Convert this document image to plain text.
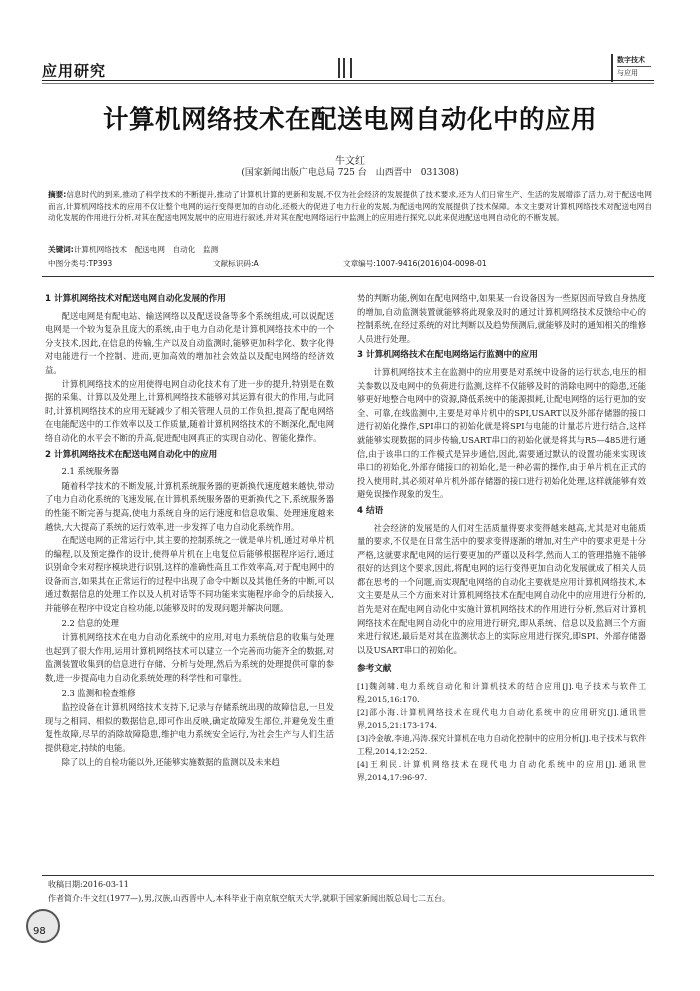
应用研究
数字技术
与应用
计算机网络技术在配送电网自动化中的应用
牛文红
(国家新闻出版广电总局 725 台　山西晋中　031308)

摘要:信息时代的到来,推动了科学技术的不断提升,推动了计算机计算的更新和发展,不仅为社会经济的发展提供了技术要求,还为人们日常生产、生活的发展增添了活力,对于配送电网而言,计算机网络技术的应用不仅让整个电网的运行变得更加的自动化,还极大的促进了电力行业的发展,为配送电网的发展提供了技术保障。本文主要对计算机网络技术对配送电网自动化发展的作用进行分析,对其在配送电网发展中的应用进行叙述,并对其在配电网络运行中监测上的应用进行探究,以此来促进配送电网自动化的不断发展。

关键词:计算机网络技术　配送电网　自动化　监测
中图分类号:TP393	文献标识码:A	文章编号:1007-9416(2016)04-0098-01
1 计算机网络技术对配送电网自动化发展的作用

配送电网是有配电站、输送网络以及配送设备等多个系统组成,可以说配送电网是一个较为复杂且庞大的系统,由于电力自动化是计算机网络技术中的一个分支技术,因此,在信息的传输,生产以及自动监测时,能够更加科学化、数字化得对电能进行一个控制、进而,更加高效的增加社会效益以及配电网络的经济效益。

计算机网络技术的应用使得电网自动化技术有了进一步的提升,特别是在数据的采集、计算以及处理上,计算机网络技术能够对其运算有很大的作用,与此同时,计算机网络技术的应用无疑减少了相关管理人员的工作负担,提高了配电网络在电能配送中的工作效率以及工作质量,随着计算机网络技术的不断深化,配电网络自动化的水平会不断的升高,促进配电网真正的实现自动化、智能化操作。

2 计算机网络技术在配送电网自动化中的应用
2.1 系统服务器

随着科学技术的不断发展,计算机系统服务器的更新换代速度越来越快,带动了电力自动化系统的飞速发展,在计算机系统服务器的更新换代之下,系统服务器的性能不断完善与提高,使电力系统自身的运行速度和信息收集、处理速度越来越快,大大提高了系统的运行效率,进一步发挥了电力自动化系统作用。

在配送电网的正常运行中,其主要的控制系统之一就是单片机,通过对单片机的编程,以及预定操作的设计,使得单片机在上电复位后能够根据程序运行,通过识别命令来对程序模块进行识别,这样的准确性高且工作效率高,对于配电网中的设备而言,如果其在正常运行的过程中出现了命令中断以及其他任务的中断,可以通过数据信息的处理工作以及人机对话等不同功能来实施程序命令的后续接入,并能够在程序中设定自检功能,以能够及时的发现问题并解决问题。

2.2 信息的处理

计算机网络技术在电力自动化系统中的应用,对电力系统信息的收集与处理也起到了很大作用,运用计算机网络技术可以建立一个完善而功能齐全的数据,对监测装置收集到的信息进行存储、分析与处理,然后为系统的处理提供可靠的参数,进一步提高电力自动化系统处理的科学性和可靠性。

2.3 监测和检查维修

监控设备在计算机网络技术支持下,记录与存储系统出现的故障信息,一旦发现与之相同、相似的数据信息,即可作出反映,确定故障发生部位,并避免发生重复性故障,尽早的消除故障隐患,维护电力系统安全运行,为社会生产与人们生活提供稳定,持续的电能。

除了以上的自检功能以外,还能够实施数据的监测以及未来趋

势的判断功能,例如在配电网络中,如果某一台设备因为一些原因而导致自身热度的增加,自动监测装置就能够将此现象及时的通过计算机网络技术反馈给中心的控制系统,在经过系统的对比判断以及趋势预测后,就能够及时的通知相关的维修人员进行处理。

3 计算机网络技术在配电网络运行监测中的应用

计算机网络技术主在监测中的应用要是对系统中设备的运行状态,电压的相关参数以及电网中的负荷进行监测,这样不仅能够及时的消除电网中的隐患,还能够更好地整合电网中的资源,降低系统中的能源损耗,让配电网络的运行更加的安全、可靠,在线监测中,主要是对单片机中的SPI,USART以及外部存储器的接口进行初始化操作,SPI串口的初始化就是将SPI与电能的计量芯片进行结合,这样就能够实现数据的同步传输,USART串口的初始化就是将其与R5—485进行通信,由于该串口的工作模式是异步通信,因此,需要通过默认的设置功能来实现该串口的初始化,外部存储接口的初始化,是一种必需的操作,由于单片机在正式的投入使用时,其必须对单片机外部存储器的接口进行初始化处理,这样就能够有效避免误操作现象的发生。

4 结语

社会经济的发展是的人们对生活质量得要求变得越来越高,尤其是对电能质量的要求,不仅是在日常生活中的要求变得逐渐的增加,对生产中的要求更是十分严格,这就要求配电网的运行要更加的严谨以及科学,然而人工的管理措施不能够很好的达到这个要求,因此,将配电网的运行变得更加自动化发展就成了相关人员都在思考的一个问题,而实现配电网络的自动化主要就是应用计算机网络技术,本文主要是从三个方面来对计算机网络技术在配电网自动化中的应用进行分析的,首先是对在配电网自动化中实施计算机网络技术的作用进行分析,然后对计算机网络技术在配电网自动化中的应用进行研究,即从系统、信息以及监测三个方面来进行叙述,最后是对其在监测状态上的实际应用进行探究,即SPI、外部存储器以及USART串口的初始化。

参考文献
[1]魏剑啸.电力系统自动化和计算机技术的结合应用[J].电子技术与软件工程,2015,16:170.
[2]邵小海.计算机网络技术在现代电力自动化系统中的应用研究[J].通讯世界,2015,21:173-174.
[3]冷金敏,李迪,冯涛.探究计算机在电力自动化控制中的应用分析[J].电子技术与软件工程,2014,12:252.
[4]王利民.计算机网络技术在现代电力自动化系统中的应用[J].通讯世界,2014,17:96-97.
收稿日期:2016-03-11
作者简介:牛文红(1977—),男,汉族,山西晋中人,本科毕业于南京航空航天大学,就职于国家新闻出版总局七二五台。
98
